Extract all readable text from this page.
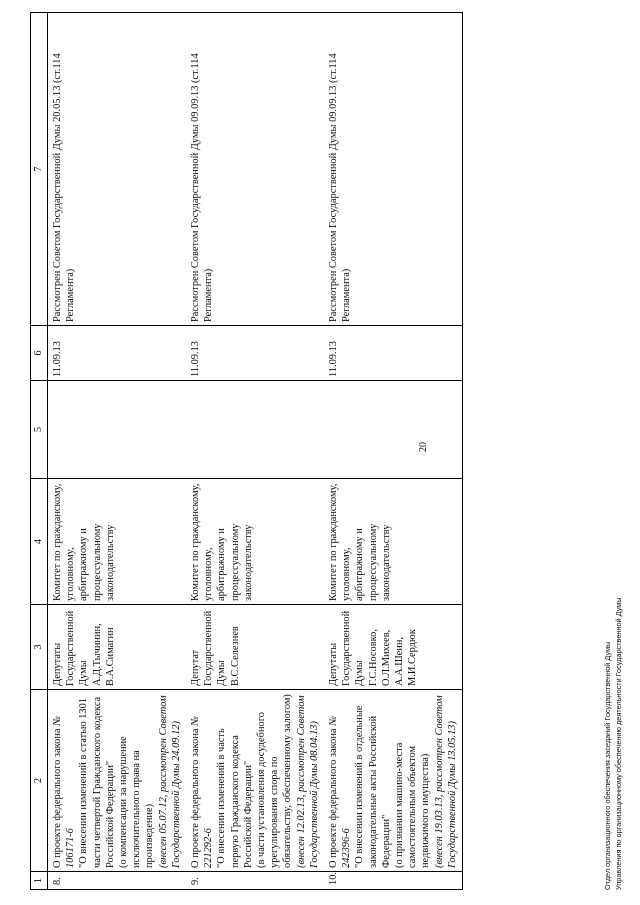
20
1	2	3	4	5	6	7
8.	О проекте федерального закона № 106171-6 "О внесении изменений в статью 1301 части четвертой Гражданского кодекса Российской Федерации" (о компенсации за нарушение исключительного права на произведение) (внесен 05.07.12, рассмотрен Советом Государственной Думы 24.09.12)	Депутаты Государственной Думы А.Д.Тычинин, В.А.Симагин	Комитет по гражданскому, уголовному, арбитражному и процессуальному законодательству		11.09.13	Рассмотрен Советом Государственной Думы 20.05.13 (ст.114 Регламента)
9.	О проекте федерального закона № 221292-6 "О внесении изменений в часть первую Гражданского кодекса Российской Федерации" (в части установления досудебного урегулирования спора по обязательству, обеспеченному залогом) (внесен 12.02.13, рассмотрен Советом Государственной Думы 08.04.13)	Депутат Государственной Думы В.С.Селезнев	Комитет по гражданскому, уголовному, арбитражному и процессуальному законодательству		11.09.13	Рассмотрен Советом Государственной Думы 09.09.13 (ст.114 Регламента)
10.	О проекте федерального закона № 242396-6 "О внесении изменений в отдельные законодательные акты Российской Федерации" (о признании машино-места самостоятельным объектом недвижимого имущества) (внесен 19.03.13, рассмотрен Советом Государственной Думы 13.05.13)	Депутаты Государственной Думы Г.С.Носовко, О.Л.Михеев, А.А.Шеин, М.И.Сердюк	Комитет по гражданскому, уголовному, арбитражному и процессуальному законодательству		11.09.13	Рассмотрен Советом Государственной Думы 09.09.13 (ст.114 Регламента)
Отдел организационного обеспечения заседаний Государственной Думы Управления по организационному обеспечению деятельности Государственной Думы
